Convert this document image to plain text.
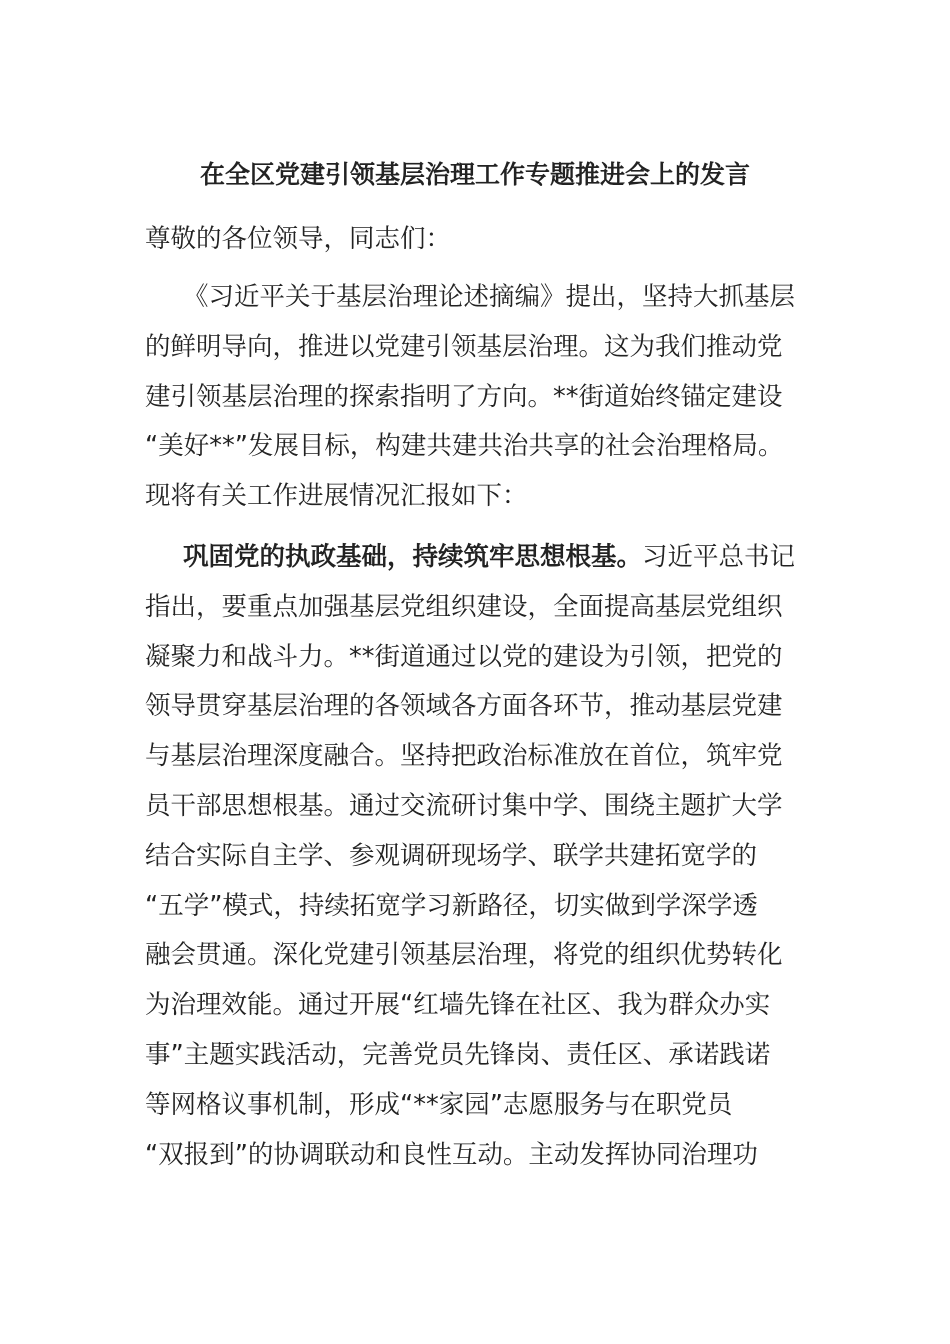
在全区党建引领基层治理工作专题推进会上的发言

尊敬的各位领导，同志们：

《习近平关于基层治理论述摘编》提出，坚持大抓基层
的鲜明导向，推进以党建引领基层治理。这为我们推动党
建引领基层治理的探索指明了方向。**街道始终锚定建设
“美好**”发展目标，构建共建共治共享的社会治理格局。
现将有关工作进展情况汇报如下：

巩固党的执政基础，持续筑牢思想根基。习近平总书记
指出，要重点加强基层党组织建设，全面提高基层党组织
凝聚力和战斗力。**街道通过以党的建设为引领，把党的
领导贯穿基层治理的各领域各方面各环节，推动基层党建
与基层治理深度融合。坚持把政治标准放在首位，筑牢党
员干部思想根基。通过交流研讨集中学、围绕主题扩大学
结合实际自主学、参观调研现场学、联学共建拓宽学的
“五学”模式，持续拓宽学习新路径，切实做到学深学透
融会贯通。深化党建引领基层治理，将党的组织优势转化
为治理效能。通过开展“红墙先锋在社区、我为群众办实
事”主题实践活动，完善党员先锋岗、责任区、承诺践诺
等网格议事机制，形成“**家园”志愿服务与在职党员
“双报到”的协调联动和良性互动。主动发挥协同治理功
